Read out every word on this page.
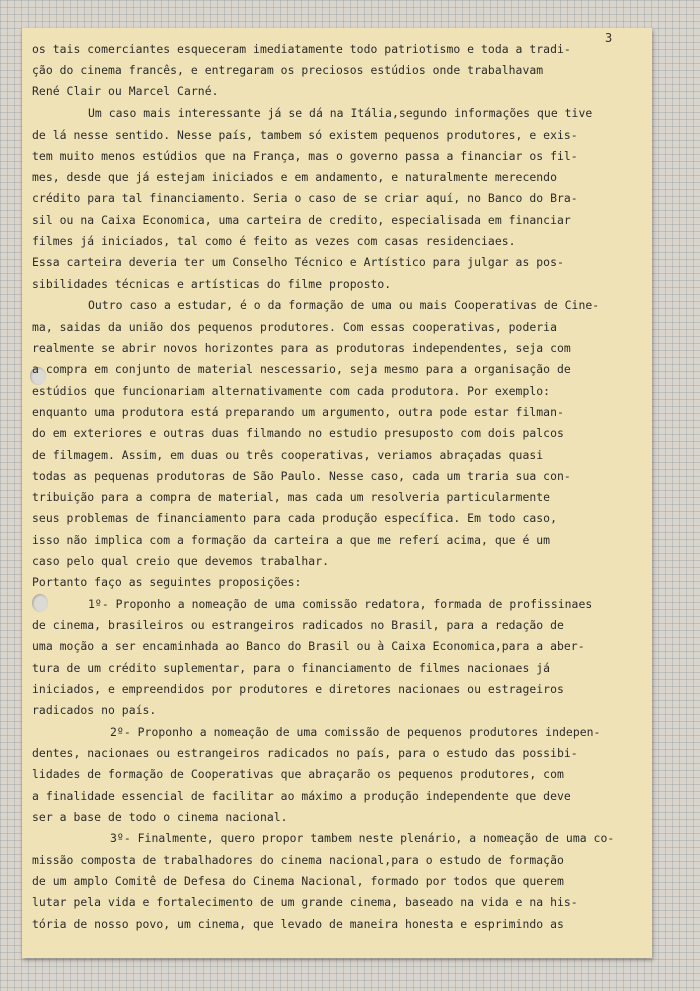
3
os tais comerciantes esqueceram imediatamente todo patriotismo e toda a tradi-
ção do cinema francês, e entregaram os preciosos estúdios onde trabalhavam
René Clair ou Marcel Carné.
Um caso mais interessante já se dá na Itália,segundo informações que tive
de lá nesse sentido. Nesse país, tambem só existem pequenos produtores, e exis-
tem muito menos estúdios que na França, mas o governo passa a financiar os fil-
mes, desde que já estejam iniciados e em andamento, e naturalmente merecendo
crédito para tal financiamento. Seria o caso de se criar aquí, no Banco do Bra-
sil ou na Caixa Economica, uma carteira de credito, especialisada em financiar
filmes já iniciados, tal como é feito as vezes com casas residenciaes.
Essa carteira deveria ter um Conselho Técnico e Artístico para julgar as pos-
sibilidades técnicas e artísticas do filme proposto.
Outro caso a estudar, é o da formação de uma ou mais Cooperativas de Cine-
ma, saidas da união dos pequenos produtores. Com essas cooperativas, poderia
realmente se abrir novos horizontes para as produtoras independentes, seja com
a compra em conjunto de material nescessario, seja mesmo para a organisação de
estúdios que funcionariam alternativamente com cada produtora. Por exemplo:
enquanto uma produtora está preparando um argumento, outra pode estar filman-
do em exteriores e outras duas filmando no estudio presuposto com dois palcos
de filmagem. Assim, em duas ou três cooperativas, veriamos abraçadas quasi
todas as pequenas produtoras de São Paulo. Nesse caso, cada um traria sua con-
tribuição para a compra de material, mas cada um resolveria particularmente
seus problemas de financiamento para cada produção específica. Em todo caso,
isso não implica com a formação da carteira a que me referí acima, que é um
caso pelo qual creio que devemos trabalhar.
Portanto faço as seguintes proposições:
1º- Proponho a nomeação de uma comissão redatora, formada de profissinaes
de cinema, brasileiros ou estrangeiros radicados no Brasil, para a redação de
uma moção a ser encaminhada ao Banco do Brasil ou à Caixa Economica,para a aber-
tura de um crédito suplementar, para o financiamento de filmes nacionaes já
iniciados, e empreendidos por produtores e diretores nacionaes ou estrageiros
radicados no país.
2º- Proponho a nomeação de uma comissão de pequenos produtores indepen-
dentes, nacionaes ou estrangeiros radicados no país, para o estudo das possibi-
lidades de formação de Cooperativas que abraçarão os pequenos produtores, com
a finalidade essencial de facilitar ao máximo a produção independente que deve
ser a base de todo o cinema nacional.
3º- Finalmente, quero propor tambem neste plenário, a nomeação de uma co-
missão composta de trabalhadores do cinema nacional,para o estudo de formação
de um amplo Comitê de Defesa do Cinema Nacional, formado por todos que querem
lutar pela vida e fortalecimento de um grande cinema, baseado na vida e na his-
tória de nosso povo, um cinema, que levado de maneira honesta e esprimindo as
